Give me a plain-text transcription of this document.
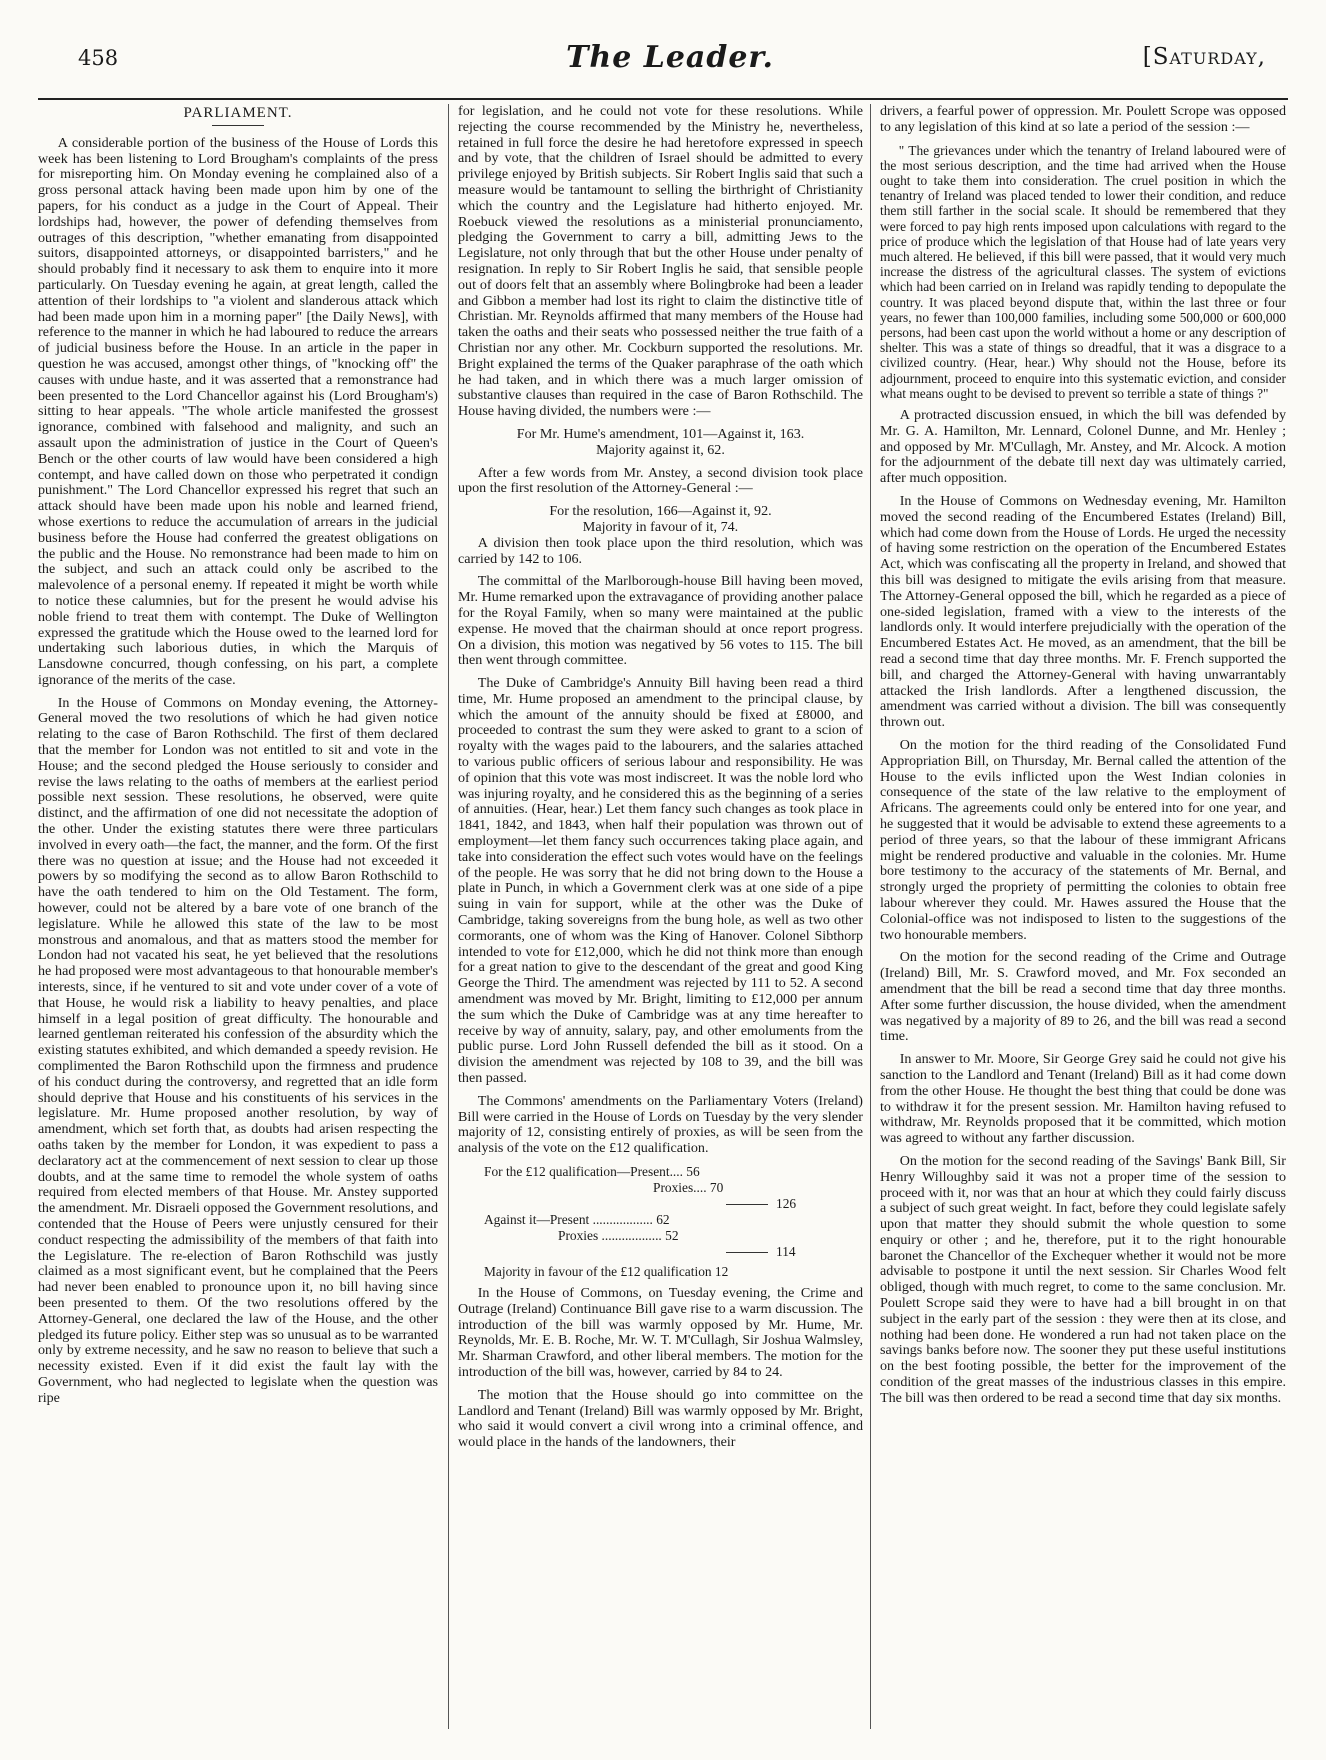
458	The Leader.	[Saturday,
PARLIAMENT.

A considerable portion of the business of the House of Lords this week has been listening to Lord Brougham's complaints of the press for misreporting him. On Monday evening he complained also of a gross personal attack having been made upon him by one of the papers, for his conduct as a judge in the Court of Appeal. Their lordships had, however, the power of defending themselves from outrages of this description, "whether emanating from disappointed suitors, disappointed attorneys, or disappointed barristers," and he should probably find it necessary to ask them to enquire into it more particularly. On Tuesday evening he again, at great length, called the attention of their lordships to "a violent and slanderous attack which had been made upon him in a morning paper" [the Daily News], with reference to the manner in which he had laboured to reduce the arrears of judicial business before the House. In an article in the paper in question he was accused, amongst other things, of "knocking off" the causes with undue haste, and it was asserted that a remonstrance had been presented to the Lord Chancellor against his (Lord Brougham's) sitting to hear appeals. "The whole article manifested the grossest ignorance, combined with falsehood and malignity, and such an assault upon the administration of justice in the Court of Queen's Bench or the other courts of law would have been considered a high contempt, and have called down on those who perpetrated it condign punishment." The Lord Chancellor expressed his regret that such an attack should have been made upon his noble and learned friend, whose exertions to reduce the accumulation of arrears in the judicial business before the House had conferred the greatest obligations on the public and the House. No remonstrance had been made to him on the subject, and such an attack could only be ascribed to the malevolence of a personal enemy. If repeated it might be worth while to notice these calumnies, but for the present he would advise his noble friend to treat them with contempt. The Duke of Wellington expressed the gratitude which the House owed to the learned lord for undertaking such laborious duties, in which the Marquis of Lansdowne concurred, though confessing, on his part, a complete ignorance of the merits of the case.

In the House of Commons on Monday evening, the Attorney-General moved the two resolutions of which he had given notice relating to the case of Baron Rothschild. The first of them declared that the member for London was not entitled to sit and vote in the House; and the second pledged the House seriously to consider and revise the laws relating to the oaths of members at the earliest period possible next session. These resolutions, he observed, were quite distinct, and the affirmation of one did not necessitate the adoption of the other. Under the existing statutes there were three particulars involved in every oath—the fact, the manner, and the form. Of the first there was no question at issue; and the House had not exceeded it powers by so modifying the second as to allow Baron Rothschild to have the oath tendered to him on the Old Testament. The form, however, could not be altered by a bare vote of one branch of the legislature. While he allowed this state of the law to be most monstrous and anomalous, and that as matters stood the member for London had not vacated his seat, he yet believed that the resolutions he had proposed were most advantageous to that honourable member's interests, since, if he ventured to sit and vote under cover of a vote of that House, he would risk a liability to heavy penalties, and place himself in a legal position of great difficulty. The honourable and learned gentleman reiterated his confession of the absurdity which the existing statutes exhibited, and which demanded a speedy revision. He complimented the Baron Rothschild upon the firmness and prudence of his conduct during the controversy, and regretted that an idle form should deprive that House and his constituents of his services in the legislature. Mr. Hume proposed another resolution, by way of amendment, which set forth that, as doubts had arisen respecting the oaths taken by the member for London, it was expedient to pass a declaratory act at the commencement of next session to clear up those doubts, and at the same time to remodel the whole system of oaths required from elected members of that House. Mr. Anstey supported the amendment. Mr. Disraeli opposed the Government resolutions, and contended that the House of Peers were unjustly censured for their conduct respecting the admissibility of the members of that faith into the Legislature. The re-election of Baron Rothschild was justly claimed as a most significant event, but he complained that the Peers had never been enabled to pronounce upon it, no bill having since been presented to them. Of the two resolutions offered by the Attorney-General, one declared the law of the House, and the other pledged its future policy. Either step was so unusual as to be warranted only by extreme necessity, and he saw no reason to believe that such a necessity existed. Even if it did exist the fault lay with the Government, who had neglected to legislate when the question was ripe

for legislation, and he could not vote for these resolutions. While rejecting the course recommended by the Ministry he, nevertheless, retained in full force the desire he had heretofore expressed in speech and by vote, that the children of Israel should be admitted to every privilege enjoyed by British subjects. Sir Robert Inglis said that such a measure would be tantamount to selling the birthright of Christianity which the country and the Legislature had hitherto enjoyed. Mr. Roebuck viewed the resolutions as a ministerial pronunciamento, pledging the Government to carry a bill, admitting Jews to the Legislature, not only through that but the other House under penalty of resignation. In reply to Sir Robert Inglis he said, that sensible people out of doors felt that an assembly where Bolingbroke had been a leader and Gibbon a member had lost its right to claim the distinctive title of Christian. Mr. Reynolds affirmed that many members of the House had taken the oaths and their seats who possessed neither the true faith of a Christian nor any other. Mr. Cockburn supported the resolutions. Mr. Bright explained the terms of the Quaker paraphrase of the oath which he had taken, and in which there was a much larger omission of substantive clauses than required in the case of Baron Rothschild. The House having divided, the numbers were :—

For Mr. Hume's amendment, 101—Against it, 163.

Majority against it, 62.

After a few words from Mr. Anstey, a second division took place upon the first resolution of the Attorney-General :—

For the resolution, 166—Against it, 92.

Majority in favour of it, 74.

A division then took place upon the third resolution, which was carried by 142 to 106.

The committal of the Marlborough-house Bill having been moved, Mr. Hume remarked upon the extravagance of providing another palace for the Royal Family, when so many were maintained at the public expense. He moved that the chairman should at once report progress. On a division, this motion was negatived by 56 votes to 115. The bill then went through committee.

The Duke of Cambridge's Annuity Bill having been read a third time, Mr. Hume proposed an amendment to the principal clause, by which the amount of the annuity should be fixed at £8000, and proceeded to contrast the sum they were asked to grant to a scion of royalty with the wages paid to the labourers, and the salaries attached to various public officers of serious labour and responsibility. He was of opinion that this vote was most indiscreet. It was the noble lord who was injuring royalty, and he considered this as the beginning of a series of annuities. (Hear, hear.) Let them fancy such changes as took place in 1841, 1842, and 1843, when half their population was thrown out of employment—let them fancy such occurrences taking place again, and take into consideration the effect such votes would have on the feelings of the people. He was sorry that he did not bring down to the House a plate in Punch, in which a Government clerk was at one side of a pipe suing in vain for support, while at the other was the Duke of Cambridge, taking sovereigns from the bung hole, as well as two other cormorants, one of whom was the King of Hanover. Colonel Sibthorp intended to vote for £12,000, which he did not think more than enough for a great nation to give to the descendant of the great and good King George the Third. The amendment was rejected by 111 to 52. A second amendment was moved by Mr. Bright, limiting to £12,000 per annum the sum which the Duke of Cambridge was at any time hereafter to receive by way of annuity, salary, pay, and other emoluments from the public purse. Lord John Russell defended the bill as it stood. On a division the amendment was rejected by 108 to 39, and the bill was then passed.

The Commons' amendments on the Parliamentary Voters (Ireland) Bill were carried in the House of Lords on Tuesday by the very slender majority of 12, consisting entirely of proxies, as will be seen from the analysis of the vote on the £12 qualification.

For the £12 qualification—Present.... 56
Proxies.... 70
126
Against it—Present .................. 62
Proxies .................. 52
114
Majority in favour of the £12 qualification 12

In the House of Commons, on Tuesday evening, the Crime and Outrage (Ireland) Continuance Bill gave rise to a warm discussion. The introduction of the bill was warmly opposed by Mr. Hume, Mr. Reynolds, Mr. E. B. Roche, Mr. W. T. M'Cullagh, Sir Joshua Walmsley, Mr. Sharman Crawford, and other liberal members. The motion for the introduction of the bill was, however, carried by 84 to 24.

The motion that the House should go into committee on the Landlord and Tenant (Ireland) Bill was warmly opposed by Mr. Bright, who said it would convert a civil wrong into a criminal offence, and would place in the hands of the landowners, their

drivers, a fearful power of oppression. Mr. Poulett Scrope was opposed to any legislation of this kind at so late a period of the session :—

" The grievances under which the tenantry of Ireland laboured were of the most serious description, and the time had arrived when the House ought to take them into consideration. The cruel position in which the tenantry of Ireland was placed tended to lower their condition, and reduce them still farther in the social scale. It should be remembered that they were forced to pay high rents imposed upon calculations with regard to the price of produce which the legislation of that House had of late years very much altered. He believed, if this bill were passed, that it would very much increase the distress of the agricultural classes. The system of evictions which had been carried on in Ireland was rapidly tending to depopulate the country. It was placed beyond dispute that, within the last three or four years, no fewer than 100,000 families, including some 500,000 or 600,000 persons, had been cast upon the world without a home or any description of shelter. This was a state of things so dreadful, that it was a disgrace to a civilized country. (Hear, hear.) Why should not the House, before its adjournment, proceed to enquire into this systematic eviction, and consider what means ought to be devised to prevent so terrible a state of things ?"

A protracted discussion ensued, in which the bill was defended by Mr. G. A. Hamilton, Mr. Lennard, Colonel Dunne, and Mr. Henley ; and opposed by Mr. M'Cullagh, Mr. Anstey, and Mr. Alcock. A motion for the adjournment of the debate till next day was ultimately carried, after much opposition.

In the House of Commons on Wednesday evening, Mr. Hamilton moved the second reading of the Encumbered Estates (Ireland) Bill, which had come down from the House of Lords. He urged the necessity of having some restriction on the operation of the Encumbered Estates Act, which was confiscating all the property in Ireland, and showed that this bill was designed to mitigate the evils arising from that measure. The Attorney-General opposed the bill, which he regarded as a piece of one-sided legislation, framed with a view to the interests of the landlords only. It would interfere prejudicially with the operation of the Encumbered Estates Act. He moved, as an amendment, that the bill be read a second time that day three months. Mr. F. French supported the bill, and charged the Attorney-General with having unwarrantably attacked the Irish landlords. After a lengthened discussion, the amendment was carried without a division. The bill was consequently thrown out.

On the motion for the third reading of the Consolidated Fund Appropriation Bill, on Thursday, Mr. Bernal called the attention of the House to the evils inflicted upon the West Indian colonies in consequence of the state of the law relative to the employment of Africans. The agreements could only be entered into for one year, and he suggested that it would be advisable to extend these agreements to a period of three years, so that the labour of these immigrant Africans might be rendered productive and valuable in the colonies. Mr. Hume bore testimony to the accuracy of the statements of Mr. Bernal, and strongly urged the propriety of permitting the colonies to obtain free labour wherever they could. Mr. Hawes assured the House that the Colonial-office was not indisposed to listen to the suggestions of the two honourable members.

On the motion for the second reading of the Crime and Outrage (Ireland) Bill, Mr. S. Crawford moved, and Mr. Fox seconded an amendment that the bill be read a second time that day three months. After some further discussion, the house divided, when the amendment was negatived by a majority of 89 to 26, and the bill was read a second time.

In answer to Mr. Moore, Sir George Grey said he could not give his sanction to the Landlord and Tenant (Ireland) Bill as it had come down from the other House. He thought the best thing that could be done was to withdraw it for the present session. Mr. Hamilton having refused to withdraw, Mr. Reynolds proposed that it be committed, which motion was agreed to without any farther discussion.

On the motion for the second reading of the Savings' Bank Bill, Sir Henry Willoughby said it was not a proper time of the session to proceed with it, nor was that an hour at which they could fairly discuss a subject of such great weight. In fact, before they could legislate safely upon that matter they should submit the whole question to some enquiry or other ; and he, therefore, put it to the right honourable baronet the Chancellor of the Exchequer whether it would not be more advisable to postpone it until the next session. Sir Charles Wood felt obliged, though with much regret, to come to the same conclusion. Mr. Poulett Scrope said they were to have had a bill brought in on that subject in the early part of the session : they were then at its close, and nothing had been done. He wondered a run had not taken place on the savings banks before now. The sooner they put these useful institutions on the best footing possible, the better for the improvement of the condition of the great masses of the industrious classes in this empire. The bill was then ordered to be read a second time that day six months.
